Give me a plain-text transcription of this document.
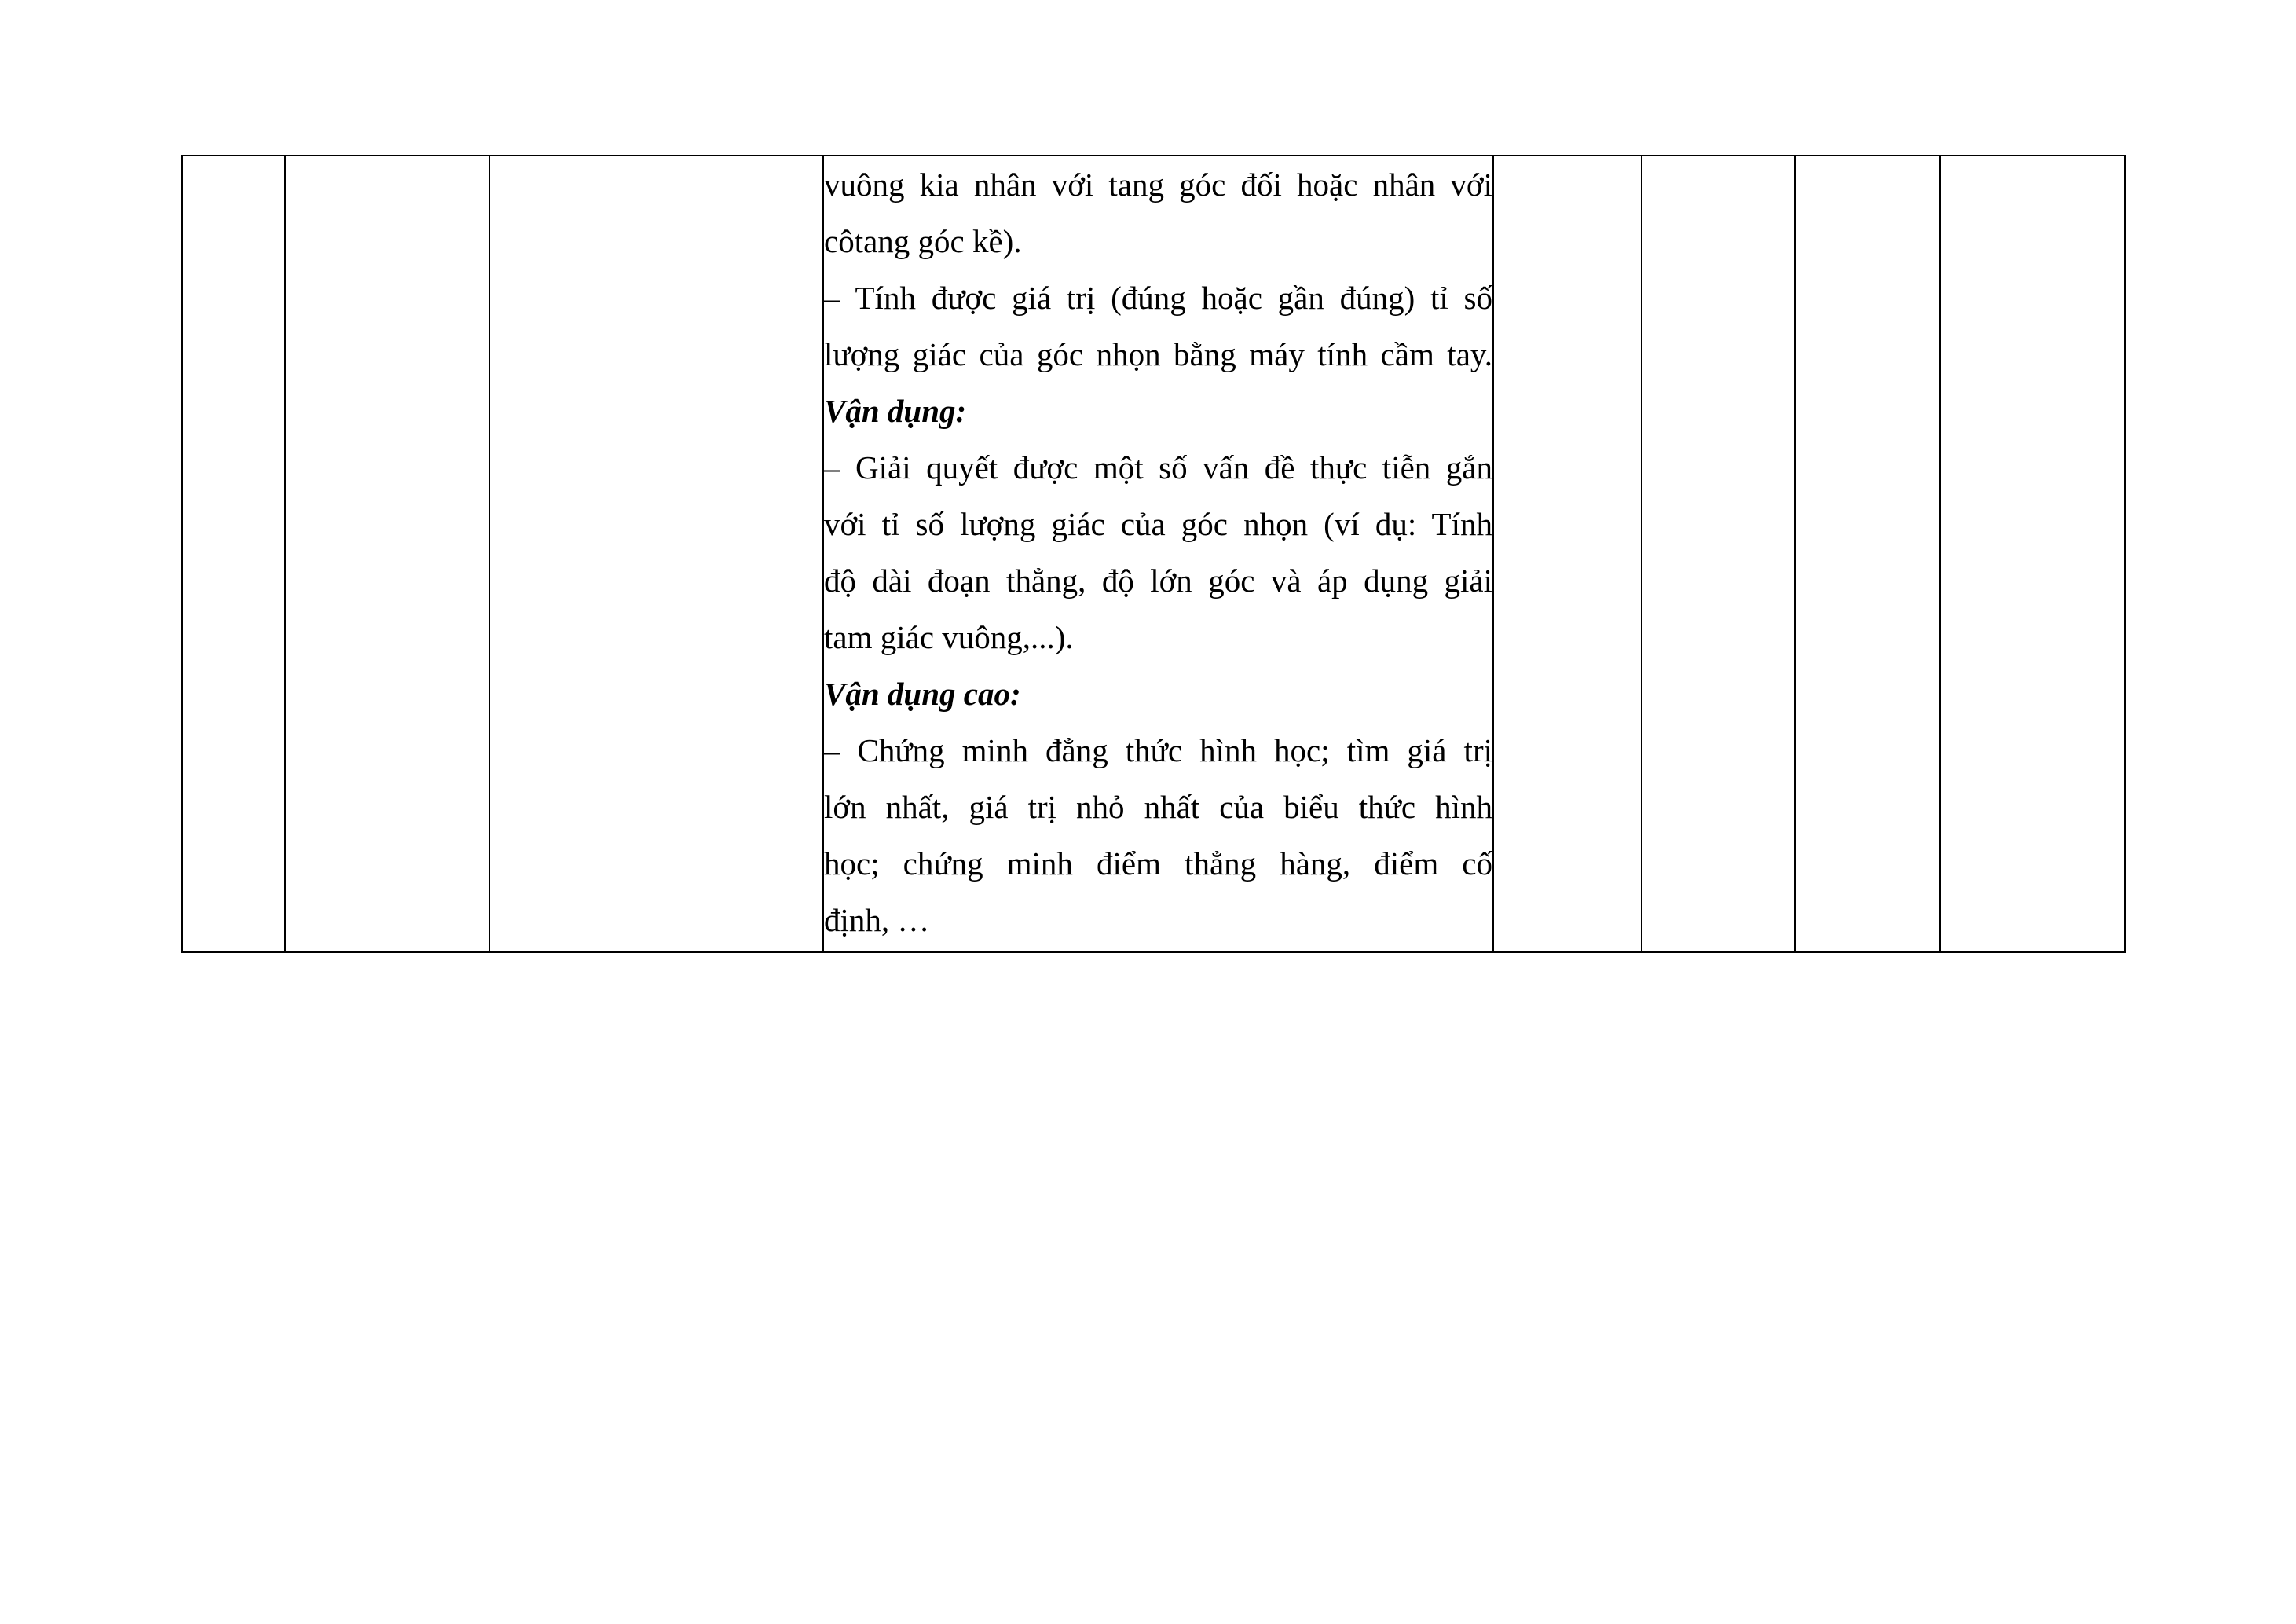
vuông kia nhân với tang góc đối hoặc nhân với
côtang góc kề).
– Tính được giá trị (đúng hoặc gần đúng) tỉ số
lượng giác của góc nhọn bằng máy tính cầm tay.
Vận dụng:
– Giải quyết được một số vấn đề thực tiễn gắn
với tỉ số lượng giác của góc nhọn (ví dụ: Tính
độ dài đoạn thẳng, độ lớn góc và áp dụng giải
tam giác vuông,...).
Vận dụng cao:
– Chứng minh đẳng thức hình học; tìm giá trị
lớn nhất, giá trị nhỏ nhất của biểu thức hình
học; chứng minh điểm thẳng hàng, điểm cố
định, …
